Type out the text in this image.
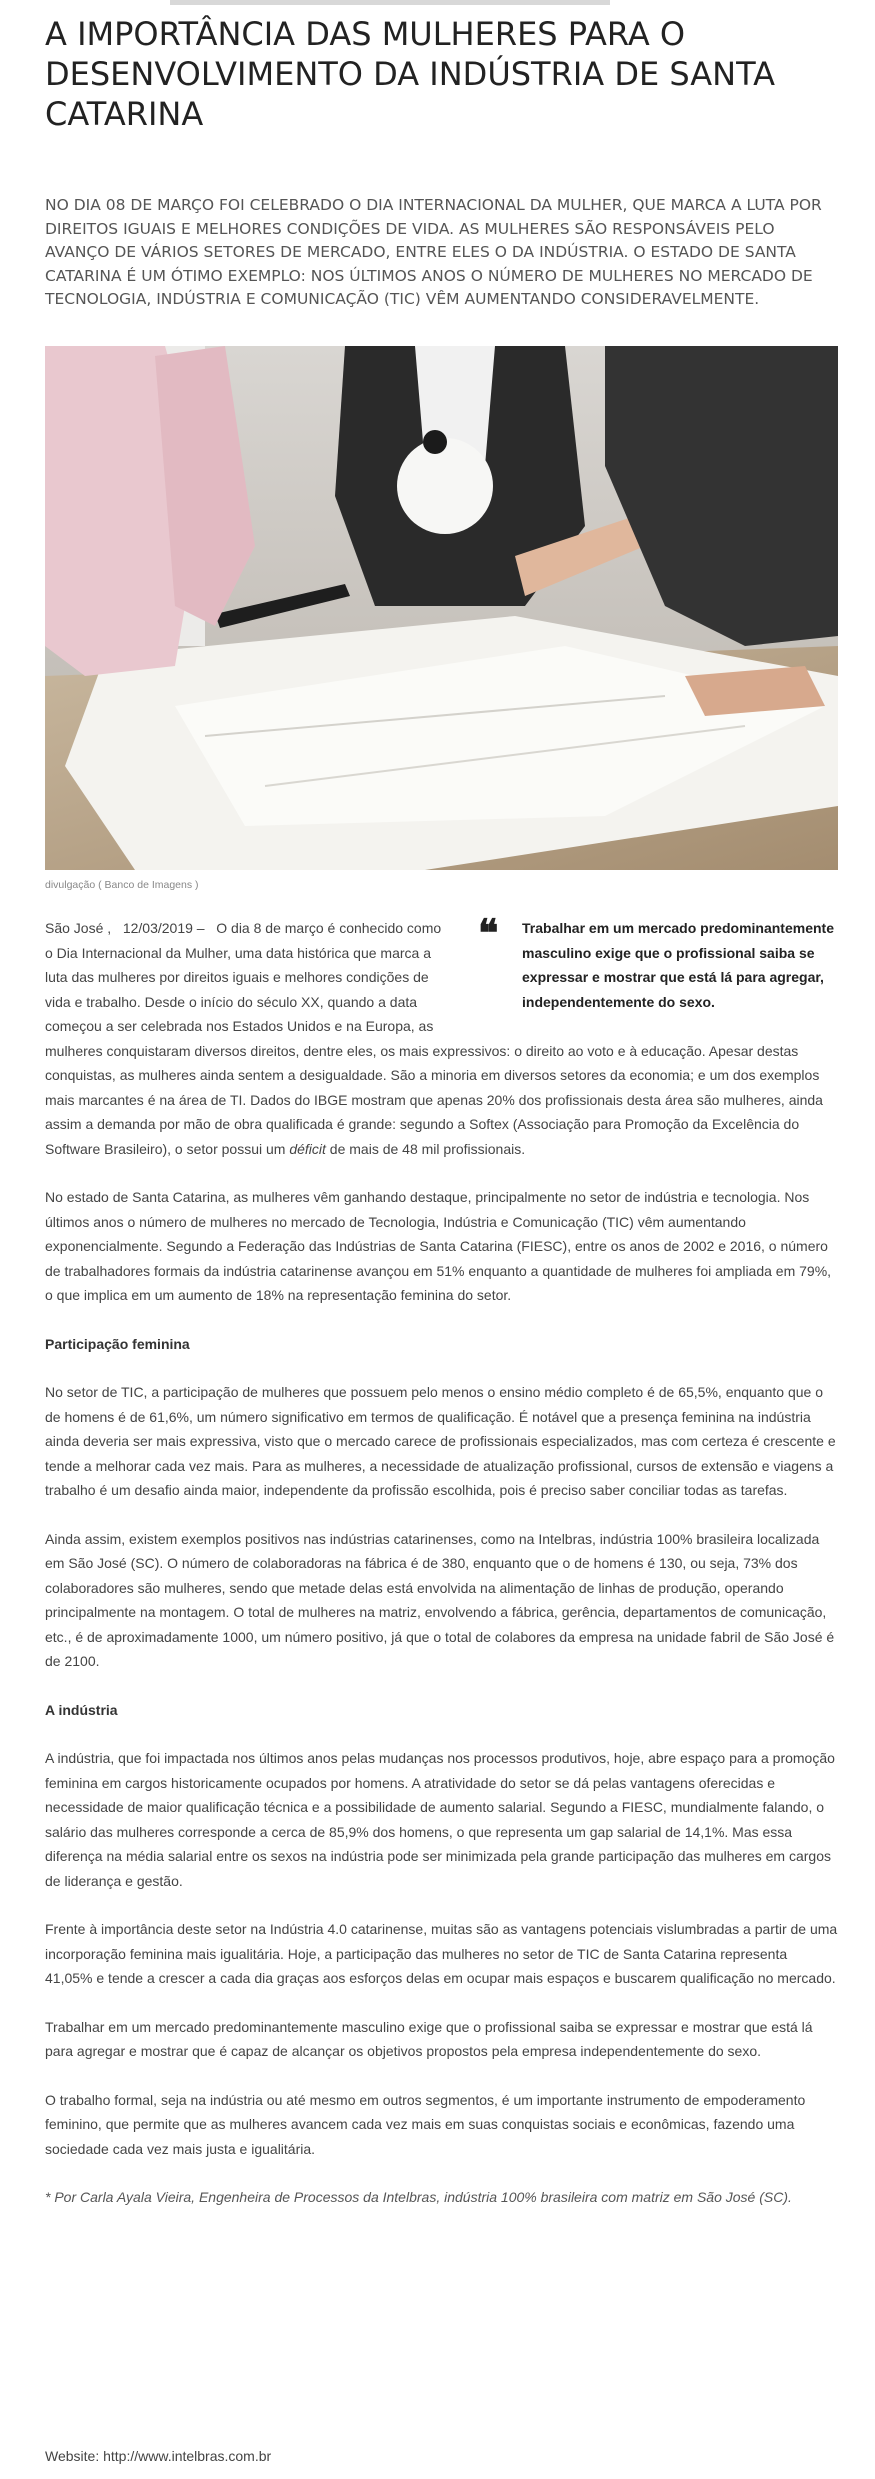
A IMPORTÂNCIA DAS MULHERES PARA O DESENVOLVIMENTO DA INDÚSTRIA DE SANTA CATARINA
NO DIA 08 DE MARÇO FOI CELEBRADO O DIA INTERNACIONAL DA MULHER, QUE MARCA A LUTA POR DIREITOS IGUAIS E MELHORES CONDIÇÕES DE VIDA. AS MULHERES SÃO RESPONSÁVEIS PELO AVANÇO DE VÁRIOS SETORES DE MERCADO, ENTRE ELES O DA INDÚSTRIA. O ESTADO DE SANTA CATARINA É UM ÓTIMO EXEMPLO: NOS ÚLTIMOS ANOS O NÚMERO DE MULHERES NO MERCADO DE TECNOLOGIA, INDÚSTRIA E COMUNICAÇÃO (TIC) VÊM AUMENTANDO CONSIDERAVELMENTE.
divulgação ( Banco de Imagens )
❝ Trabalhar em um mercado predominantemente masculino exige que o profissional saiba se expressar e mostrar que está lá para agregar, independentemente do sexo.

São José , 12/03/2019 – O dia 8 de março é conhecido como o Dia Internacional da Mulher, uma data histórica que marca a luta das mulheres por direitos iguais e melhores condições de vida e trabalho. Desde o início do século XX, quando a data começou a ser celebrada nos Estados Unidos e na Europa, as mulheres conquistaram diversos direitos, dentre eles, os mais expressivos: o direito ao voto e à educação. Apesar destas conquistas, as mulheres ainda sentem a desigualdade. São a minoria em diversos setores da economia; e um dos exemplos mais marcantes é na área de TI. Dados do IBGE mostram que apenas 20% dos profissionais desta área são mulheres, ainda assim a demanda por mão de obra qualificada é grande: segundo a Softex (Associação para Promoção da Excelência do Software Brasileiro), o setor possui um déficit de mais de 48 mil profissionais.

No estado de Santa Catarina, as mulheres vêm ganhando destaque, principalmente no setor de indústria e tecnologia. Nos últimos anos o número de mulheres no mercado de Tecnologia, Indústria e Comunicação (TIC) vêm aumentando exponencialmente. Segundo a Federação das Indústrias de Santa Catarina (FIESC), entre os anos de 2002 e 2016, o número de trabalhadores formais da indústria catarinense avançou em 51% enquanto a quantidade de mulheres foi ampliada em 79%, o que implica em um aumento de 18% na representação feminina do setor.

Participação feminina

No setor de TIC, a participação de mulheres que possuem pelo menos o ensino médio completo é de 65,5%, enquanto que o de homens é de 61,6%, um número significativo em termos de qualificação. É notável que a presença feminina na indústria ainda deveria ser mais expressiva, visto que o mercado carece de profissionais especializados, mas com certeza é crescente e tende a melhorar cada vez mais. Para as mulheres, a necessidade de atualização profissional, cursos de extensão e viagens a trabalho é um desafio ainda maior, independente da profissão escolhida, pois é preciso saber conciliar todas as tarefas.

Ainda assim, existem exemplos positivos nas indústrias catarinenses, como na Intelbras, indústria 100% brasileira localizada em São José (SC). O número de colaboradoras na fábrica é de 380, enquanto que o de homens é 130, ou seja, 73% dos colaboradores são mulheres, sendo que metade delas está envolvida na alimentação de linhas de produção, operando principalmente na montagem. O total de mulheres na matriz, envolvendo a fábrica, gerência, departamentos de comunicação, etc., é de aproximadamente 1000, um número positivo, já que o total de colabores da empresa na unidade fabril de São José é de 2100.

A indústria

A indústria, que foi impactada nos últimos anos pelas mudanças nos processos produtivos, hoje, abre espaço para a promoção feminina em cargos historicamente ocupados por homens. A atratividade do setor se dá pelas vantagens oferecidas e necessidade de maior qualificação técnica e a possibilidade de aumento salarial. Segundo a FIESC, mundialmente falando, o salário das mulheres corresponde a cerca de 85,9% dos homens, o que representa um gap salarial de 14,1%. Mas essa diferença na média salarial entre os sexos na indústria pode ser minimizada pela grande participação das mulheres em cargos de liderança e gestão.

Frente à importância deste setor na Indústria 4.0 catarinense, muitas são as vantagens potenciais vislumbradas a partir de uma incorporação feminina mais igualitária. Hoje, a participação das mulheres no setor de TIC de Santa Catarina representa 41,05% e tende a crescer a cada dia graças aos esforços delas em ocupar mais espaços e buscarem qualificação no mercado.

Trabalhar em um mercado predominantemente masculino exige que o profissional saiba se expressar e mostrar que está lá para agregar e mostrar que é capaz de alcançar os objetivos propostos pela empresa independentemente do sexo.

O trabalho formal, seja na indústria ou até mesmo em outros segmentos, é um importante instrumento de empoderamento feminino, que permite que as mulheres avancem cada vez mais em suas conquistas sociais e econômicas, fazendo uma sociedade cada vez mais justa e igualitária.

* Por Carla Ayala Vieira, Engenheira de Processos da Intelbras, indústria 100% brasileira com matriz em São José (SC).

Website: http://www.intelbras.com.br
